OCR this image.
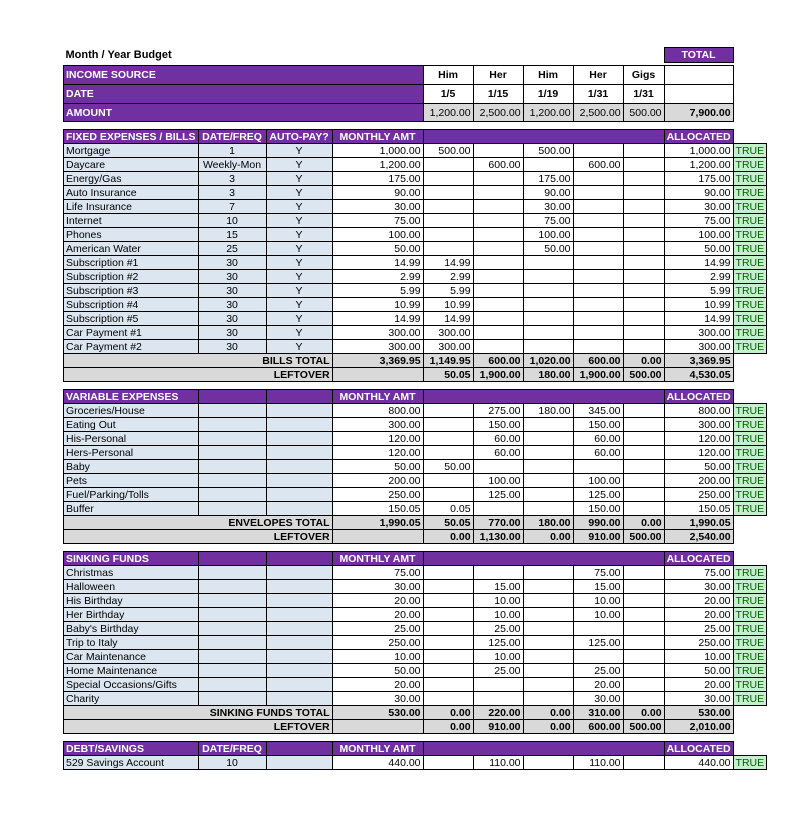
Month / Year Budget									TOTAL	

INCOME SOURCE				Him	Her	Him	Her	Gigs		
DATE				1/5	1/15	1/19	1/31	1/31		
AMOUNT				1,200.00	2,500.00	1,200.00	2,500.00	500.00	7,900.00	

FIXED EXPENSES / BILLS	DATE/FREQ	AUTO-PAY?	MONTHLY AMT						ALLOCATED	
Mortgage	1	Y	1,000.00	500.00		500.00			1,000.00	TRUE
Daycare	Weekly-Mon	Y	1,200.00		600.00		600.00		1,200.00	TRUE
Energy/Gas	3	Y	175.00			175.00			175.00	TRUE
Auto Insurance	3	Y	90.00			90.00			90.00	TRUE
Life Insurance	7	Y	30.00			30.00			30.00	TRUE
Internet	10	Y	75.00			75.00			75.00	TRUE
Phones	15	Y	100.00			100.00			100.00	TRUE
American Water	25	Y	50.00			50.00			50.00	TRUE
Subscription #1	30	Y	14.99	14.99					14.99	TRUE
Subscription #2	30	Y	2.99	2.99					2.99	TRUE
Subscription #3	30	Y	5.99	5.99					5.99	TRUE
Subscription #4	30	Y	10.99	10.99					10.99	TRUE
Subscription #5	30	Y	14.99	14.99					14.99	TRUE
Car Payment #1	30	Y	300.00	300.00					300.00	TRUE
Car Payment #2	30	Y	300.00	300.00					300.00	TRUE
BILLS TOTAL			3,369.95	1,149.95	600.00	1,020.00	600.00	0.00	3,369.95	
LEFTOVER				50.05	1,900.00	180.00	1,900.00	500.00	4,530.05	

VARIABLE EXPENSES			MONTHLY AMT						ALLOCATED	
Groceries/House			800.00		275.00	180.00	345.00		800.00	TRUE
Eating Out			300.00		150.00		150.00		300.00	TRUE
His-Personal			120.00		60.00		60.00		120.00	TRUE
Hers-Personal			120.00		60.00		60.00		120.00	TRUE
Baby			50.00	50.00					50.00	TRUE
Pets			200.00		100.00		100.00		200.00	TRUE
Fuel/Parking/Tolls			250.00		125.00		125.00		250.00	TRUE
Buffer			150.05	0.05			150.00		150.05	TRUE
ENVELOPES TOTAL			1,990.05	50.05	770.00	180.00	990.00	0.00	1,990.05	
LEFTOVER				0.00	1,130.00	0.00	910.00	500.00	2,540.00	

SINKING FUNDS			MONTHLY AMT						ALLOCATED	
Christmas			75.00				75.00		75.00	TRUE
Halloween			30.00		15.00		15.00		30.00	TRUE
His Birthday			20.00		10.00		10.00		20.00	TRUE
Her Birthday			20.00		10.00		10.00		20.00	TRUE
Baby's Birthday			25.00		25.00				25.00	TRUE
Trip to Italy			250.00		125.00		125.00		250.00	TRUE
Car Maintenance			10.00		10.00				10.00	TRUE
Home Maintenance			50.00		25.00		25.00		50.00	TRUE
Special Occasions/Gifts			20.00				20.00		20.00	TRUE
Charity			30.00				30.00		30.00	TRUE
SINKING FUNDS TOTAL			530.00	0.00	220.00	0.00	310.00	0.00	530.00	
LEFTOVER				0.00	910.00	0.00	600.00	500.00	2,010.00	

DEBT/SAVINGS	DATE/FREQ		MONTHLY AMT						ALLOCATED	
529 Savings Account	10		440.00		110.00		110.00		440.00	TRUE
